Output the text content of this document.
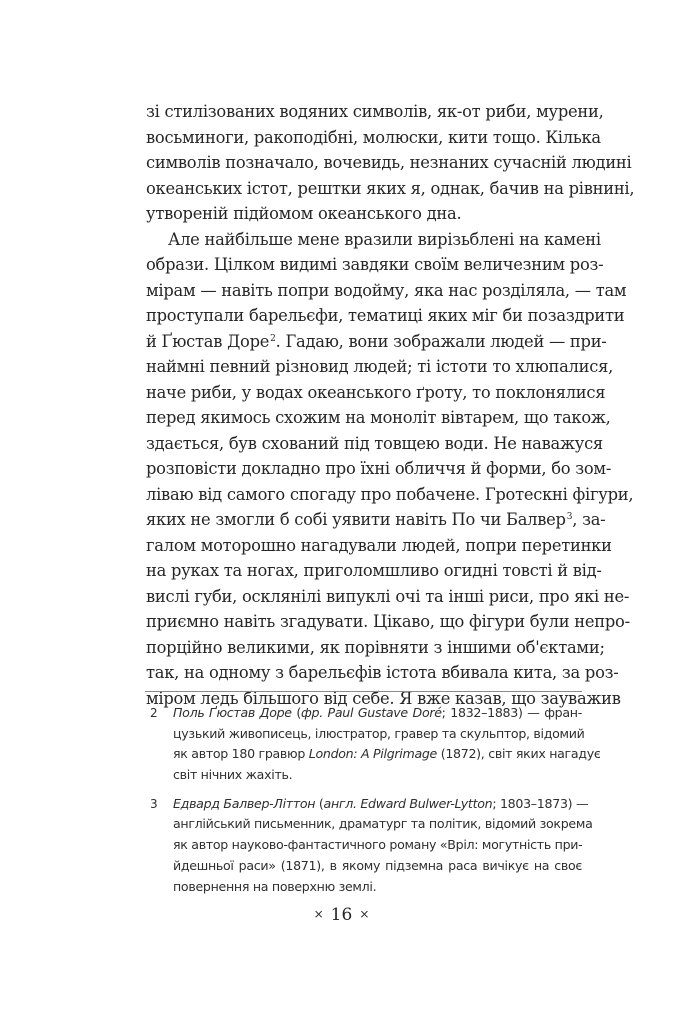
зі стилізованих водяних символів, як-от риби, мурени,
восьминоги, ракоподібні, молюски, кити тощо. Кілька
символів позначало, вочевидь, незнаних сучасній людині
океанських істот, рештки яких я, однак, бачив на рівнині,
утвореній підйомом океанського дна.
Але найбільше мене вразили вирізьблені на камені
образи. Цілком видимі завдяки своїм величезним роз-
мірам — навіть попри водойму, яка нас розділяла, — там
проступали барельєфи, тематиці яких міг би позаздрити
й Ґюстав Доре$^2$. Гадаю, вони зображали людей — при-
наймні певний різновид людей; ті істоти то хлюпалися,
наче риби, у водах океанського ґроту, то поклонялися
перед якимось схожим на моноліт вівтарем, що також,
здається, був схований під товщею води. Не наважуся
розповісти докладно про їхні обличчя й форми, бо зом-
ліваю від самого спогаду про побачене. Гротескні фігури,
яких не змогли б собі уявити навіть По чи Балвер$^3$, за-
галом моторошно нагадували людей, попри перетинки
на руках та ногах, приголомшливо огидні товсті й від-
вислі губи, осклянілі випуклі очі та інші риси, про які не-
приємно навіть згадувати. Цікаво, що фігури були непро-
порційно великими, як порівняти з іншими об'єктами;
так, на одному з барельєфів істота вбивала кита, за роз-
міром ледь більшого від себе. Я вже казав, що зауважив
2 Поль Ґюстав Доре (фр. Paul Gustave Doré; 1832–1883) — фран-
цузький живописець, ілюстратор, гравер та скульптор, відомий
як автор 180 гравюр London: A Pilgrimage (1872), світ яких нагадує
світ нічних жахіть.
3 Едвард Балвер-Літтон (англ. Edward Bulwer-Lytton; 1803–1873) —
англійський письменник, драматург та політик, відомий зокрема
як автор науково-фантастичного роману «Вріл: могутність при-
йдешньої раси» (1871), в якому підземна раса вичікує на своє
повернення на поверхню землі.
× 16 ×
